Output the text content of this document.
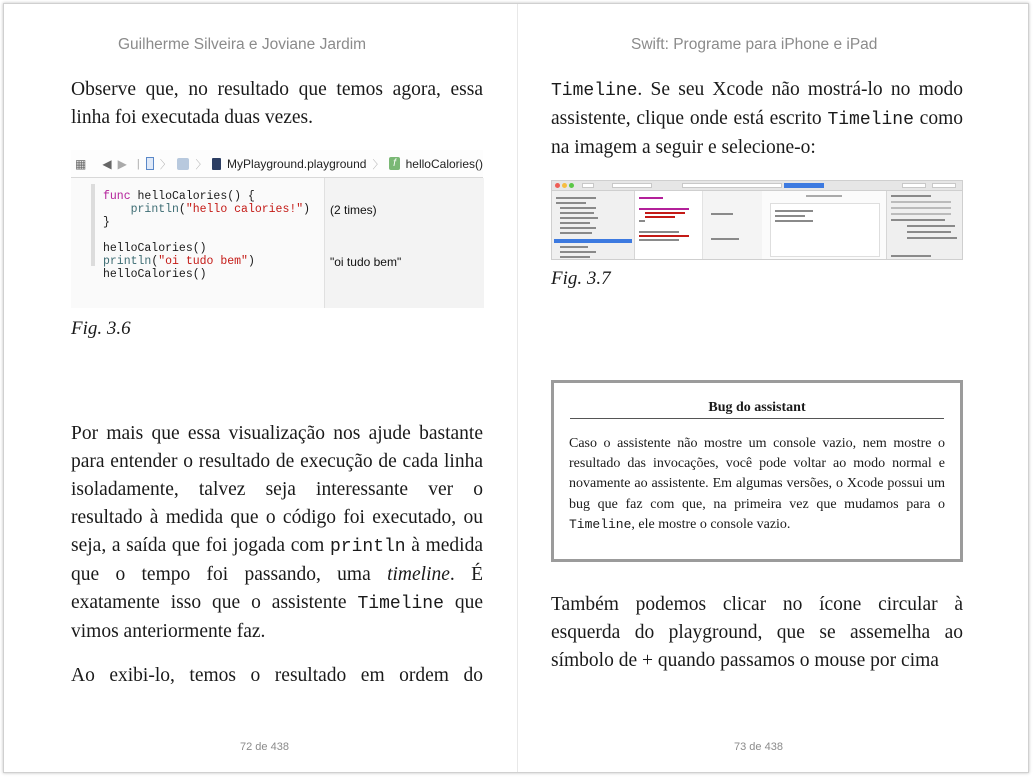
Guilherme Silveira e Joviane Jardim

Observe que, no resultado que temos agora, essa linha foi executada duas vezes.

▦ ◀ ▶ | 〉 〉 MyPlayground.playground 〉 f helloCalories()
func helloCalories() {
println("hello calories!")
}

helloCalories()
println("oi tudo bem")
helloCalories()
(2 times)
"oi tudo bem"
Fig. 3.6

Por mais que essa visualização nos ajude bastante para entender o resultado de execução de cada linha isoladamente, talvez seja interessante ver o resultado à medida que o código foi executado, ou seja, a saída que foi jogada com println à medida que o tempo foi passando, uma timeline. É exatamente isso que o assistente Timeline que vimos anteriormente faz.

Ao exibi-lo, temos o resultado em ordem do

72 de 438
Swift: Programe para iPhone e iPad

Timeline. Se seu Xcode não mostrá-lo no modo assistente, clique onde está escrito Timeline como na imagem a seguir e selecione-o:

Fig. 3.7
Bug do assistant
Caso o assistente não mostre um console vazio, nem mostre o resultado das invocações, você pode voltar ao modo normal e novamente ao assistente. Em algumas versões, o Xcode possui um bug que faz com que, na primeira vez que mudamos para o Timeline, ele mostre o console vazio.

Também podemos clicar no ícone circular à esquerda do playground, que se assemelha ao símbolo de + quando passamos o mouse por cima

73 de 438
